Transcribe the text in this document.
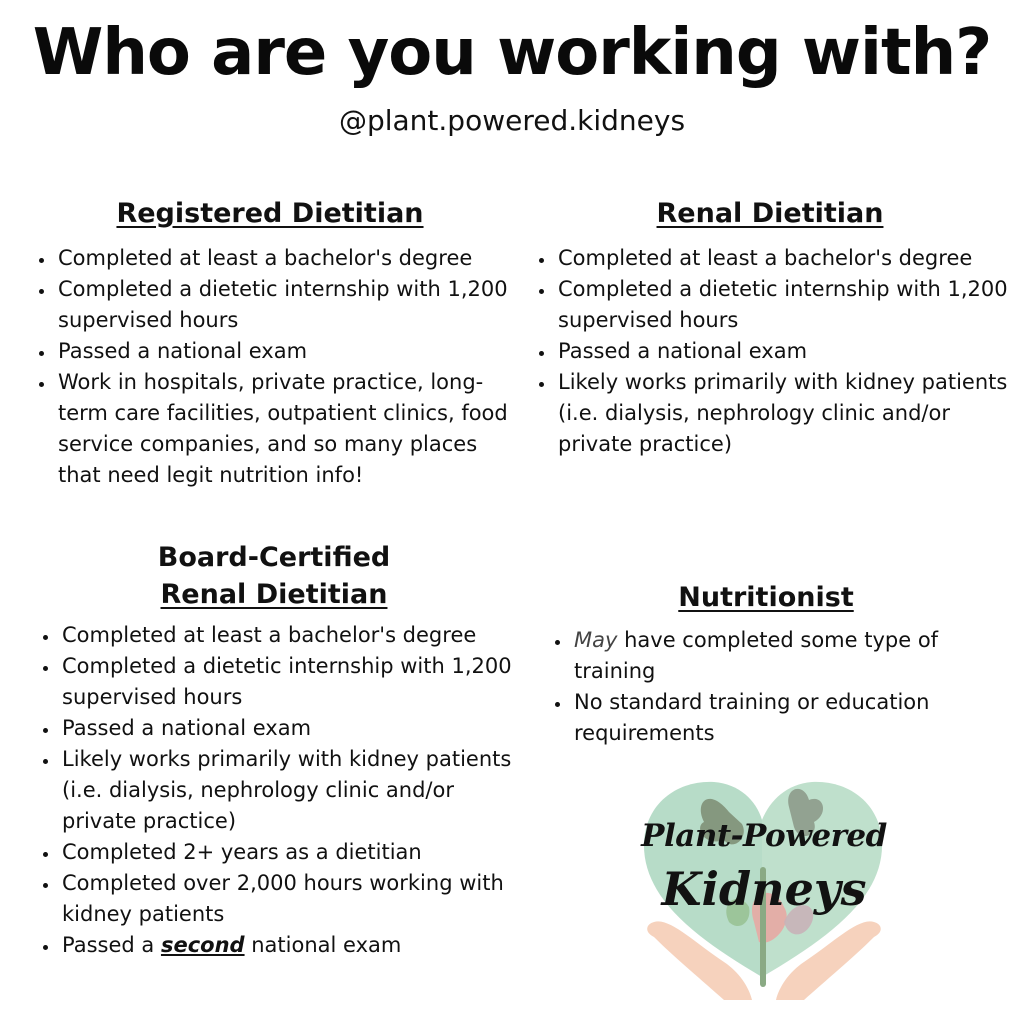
Who are you working with?
@plant.powered.kidneys
Registered Dietitian
• Completed at least a bachelor's degree
• Completed a dietetic internship with 1,200 supervised hours
• Passed a national exam
• Work in hospitals, private practice, long-term care facilities, outpatient clinics, food service companies, and so many places that need legit nutrition info!
Renal Dietitian
• Completed at least a bachelor's degree
• Completed a dietetic internship with 1,200 supervised hours
• Passed a national exam
• Likely works primarily with kidney patients (i.e. dialysis, nephrology clinic and/or private practice)
Board-Certified
Renal Dietitian
• Completed at least a bachelor's degree
• Completed a dietetic internship with 1,200 supervised hours
• Passed a national exam
• Likely works primarily with kidney patients (i.e. dialysis, nephrology clinic and/or private practice)
• Completed 2+ years as a dietitian
• Completed over 2,000 hours working with kidney patients
• Passed a second national exam
Nutritionist
• May have completed some type of training
• No standard training or education requirements
Plant-Powered
Kidneys
